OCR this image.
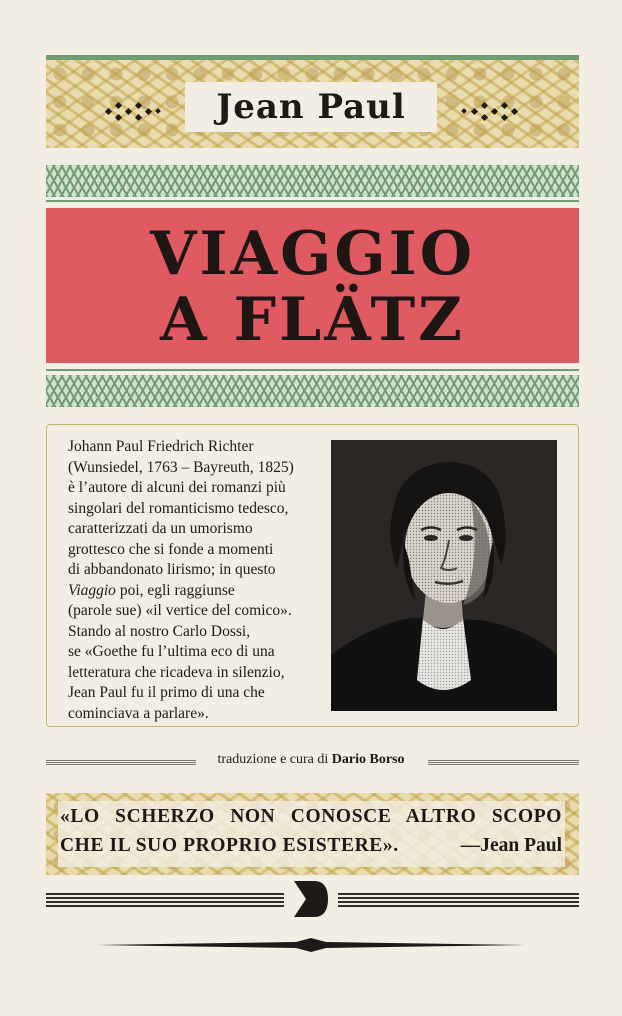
Jean Paul
VIAGGIO
A FLÄTZ
Johann Paul Friedrich Richter
(Wunsiedel, 1763 – Bayreuth, 1825)
è l’autore di alcuni dei romanzi più
singolari del romanticismo tedesco,
caratterizzati da un umorismo
grottesco che si fonde a momenti
di abbandonato lirismo; in questo
Viaggio poi, egli raggiunse
(parole sue) «il vertice del comico».
Stando al nostro Carlo Dossi,
se «Goethe fu l’ultima eco di una
letteratura che ricadeva in silenzio,
Jean Paul fu il primo di una che
cominciava a parlare».
traduzione e cura di Dario Borso
«LO SCHERZO NON CONOSCE ALTRO SCOPO
CHE IL SUO PROPRIO ESISTERE».	—Jean Paul
